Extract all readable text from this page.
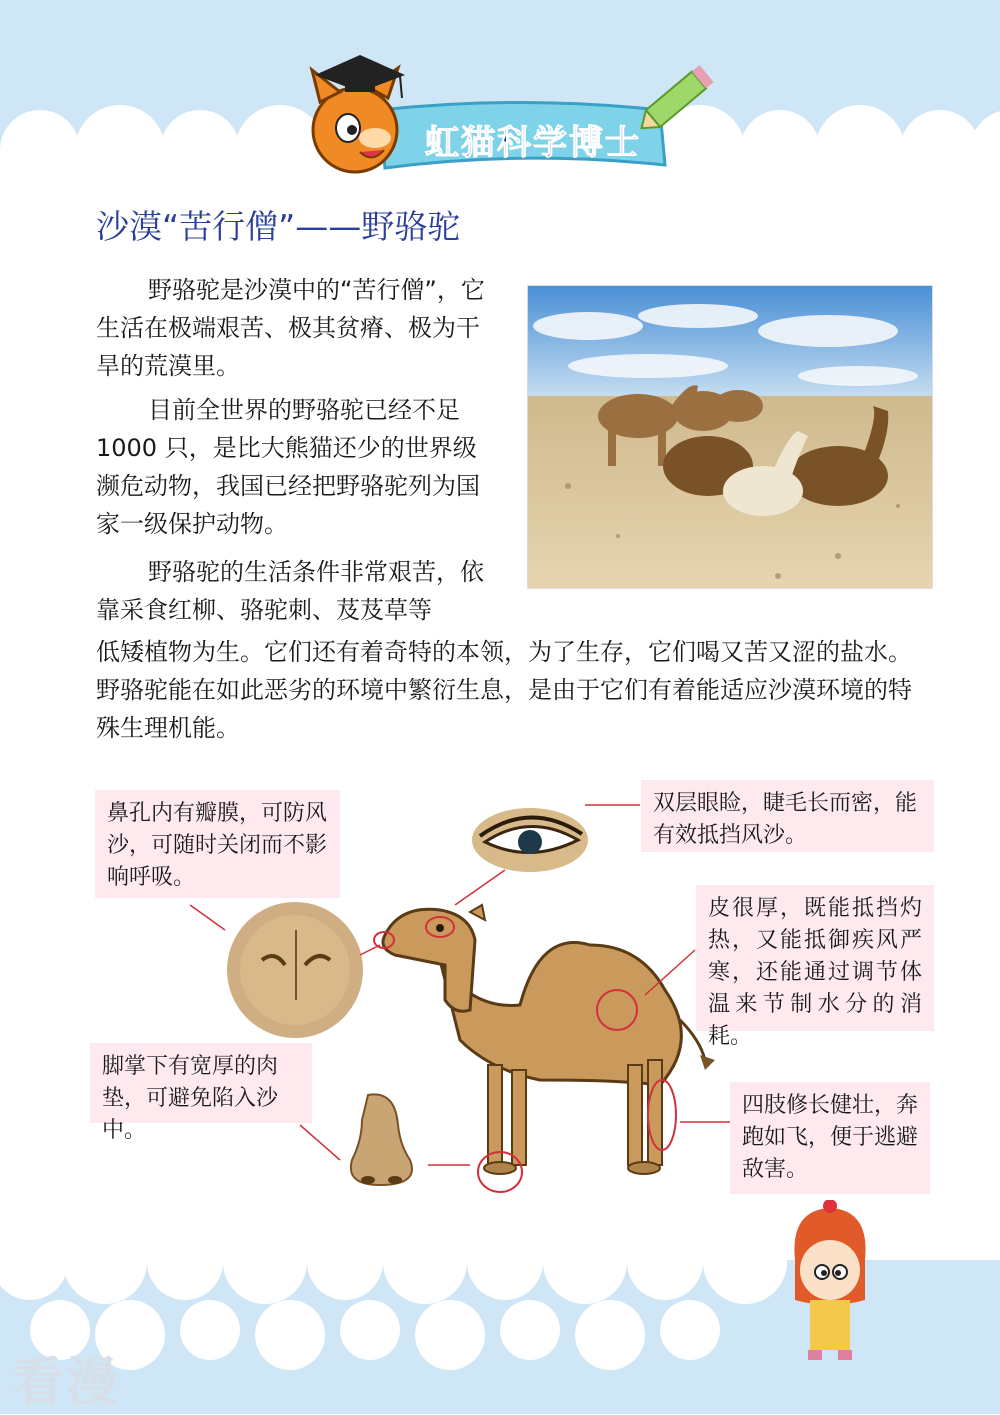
虹猫科学博士
沙漠“苦行僧”——野骆驼

野骆驼是沙漠中的“苦行僧”，它生活在极端艰苦、极其贫瘠、极为干旱的荒漠里。

目前全世界的野骆驼已经不足 1000 只，是比大熊猫还少的世界级濒危动物，我国已经把野骆驼列为国家一级保护动物。

野骆驼的生活条件非常艰苦，依靠采食红柳、骆驼刺、芨芨草等

低矮植物为生。它们还有着奇特的本领，为了生存，它们喝又苦又涩的盐水。野骆驼能在如此恶劣的环境中繁衍生息，是由于它们有着能适应沙漠环境的特殊生理机能。

鼻孔内有瓣膜，可防风沙，可随时关闭而不影响呼吸。
双层眼睑，睫毛长而密，能有效抵挡风沙。
皮很厚，既能抵挡灼热，又能抵御疾风严寒，还能通过调节体温来节制水分的消耗。
脚掌下有宽厚的肉垫，可避免陷入沙中。
四肢修长健壮，奔跑如飞，便于逃避敌害。
看漫
